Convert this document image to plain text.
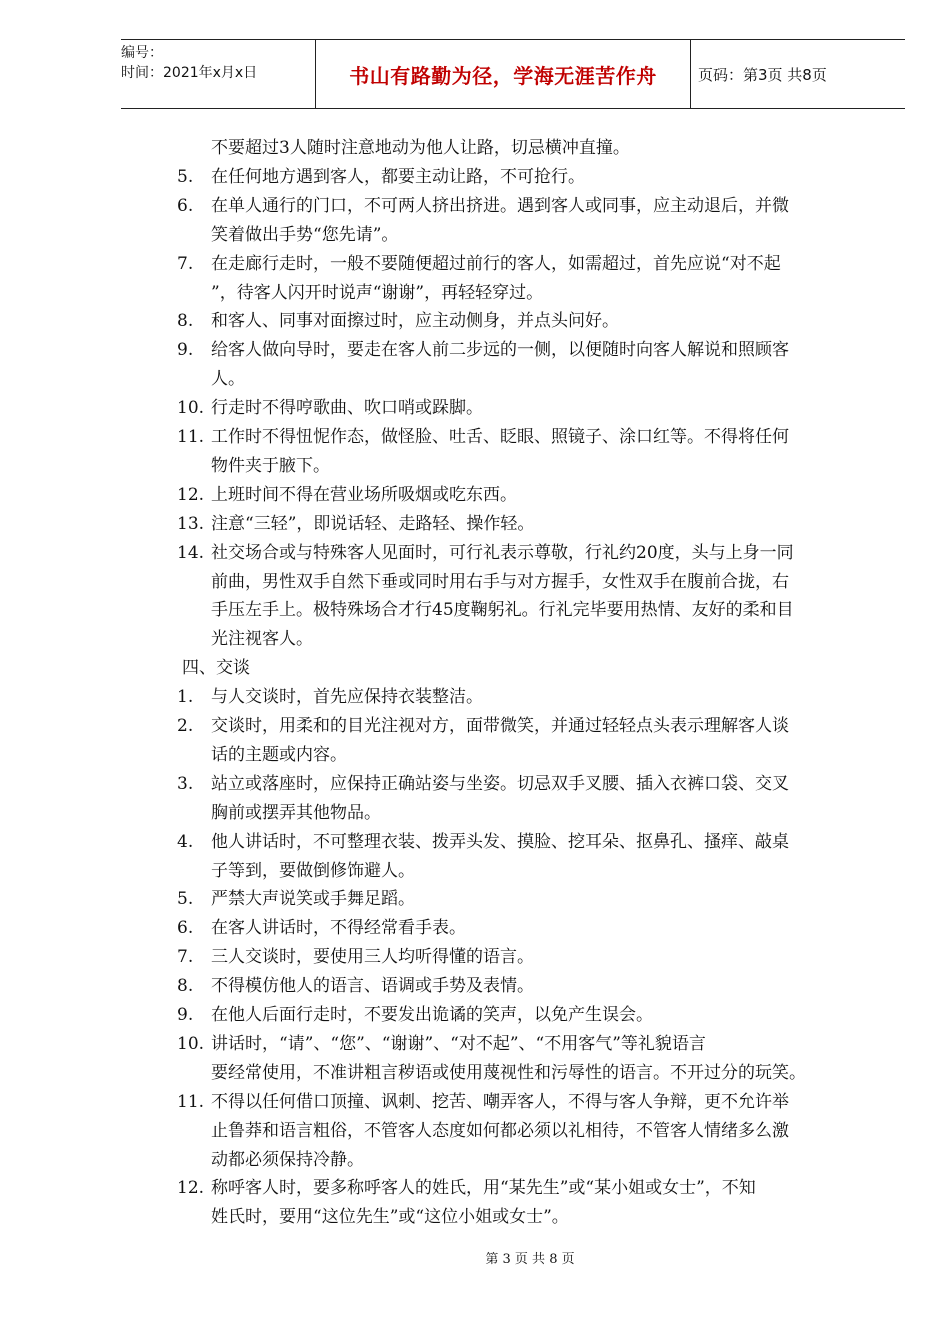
编号：
时间：2021年x月x日	书山有路勤为径，学海无涯苦作舟	页码：第3页 共8页
不要超过3人随时注意地动为他人让路，切忌横冲直撞。
5. 在任何地方遇到客人，都要主动让路，不可抢行。
6. 在单人通行的门口，不可两人挤出挤进。遇到客人或同事，应主动退后，并微
笑着做出手势“您先请”。
7. 在走廊行走时，一般不要随便超过前行的客人，如需超过，首先应说“对不起
”，待客人闪开时说声“谢谢”，再轻轻穿过。
8. 和客人、同事对面擦过时，应主动侧身，并点头问好。
9. 给客人做向导时，要走在客人前二步远的一侧，以便随时向客人解说和照顾客
人。
10. 行走时不得哼歌曲、吹口哨或跺脚。
11. 工作时不得忸怩作态，做怪脸、吐舌、眨眼、照镜子、涂口红等。不得将任何
物件夹于腋下。
12. 上班时间不得在营业场所吸烟或吃东西。
13. 注意“三轻”，即说话轻、走路轻、操作轻。
14. 社交场合或与特殊客人见面时，可行礼表示尊敬，行礼约20度，头与上身一同
前曲，男性双手自然下垂或同时用右手与对方握手，女性双手在腹前合拢，右
手压左手上。极特殊场合才行45度鞠躬礼。行礼完毕要用热情、友好的柔和目
光注视客人。
四、交谈
1. 与人交谈时，首先应保持衣装整洁。
2. 交谈时，用柔和的目光注视对方，面带微笑，并通过轻轻点头表示理解客人谈
话的主题或内容。
3. 站立或落座时，应保持正确站姿与坐姿。切忌双手叉腰、插入衣裤口袋、交叉
胸前或摆弄其他物品。
4. 他人讲话时，不可整理衣装、拨弄头发、摸脸、挖耳朵、抠鼻孔、搔痒、敲桌
子等到，要做倒修饰避人。
5. 严禁大声说笑或手舞足蹈。
6. 在客人讲话时，不得经常看手表。
7. 三人交谈时，要使用三人均听得懂的语言。
8. 不得模仿他人的语言、语调或手势及表情。
9. 在他人后面行走时，不要发出诡谲的笑声，以免产生误会。
10. 讲话时，“请”、“您”、“谢谢”、“对不起”、“不用客气”等礼貌语言
要经常使用，不准讲粗言秽语或使用蔑视性和污辱性的语言。不开过分的玩笑。
11. 不得以任何借口顶撞、讽刺、挖苦、嘲弄客人，不得与客人争辩，更不允许举
止鲁莽和语言粗俗，不管客人态度如何都必须以礼相待，不管客人情绪多么激
动都必须保持冷静。
12. 称呼客人时，要多称呼客人的姓氏，用“某先生”或“某小姐或女士”，不知
姓氏时，要用“这位先生”或“这位小姐或女士”。
第 3 页 共 8 页
